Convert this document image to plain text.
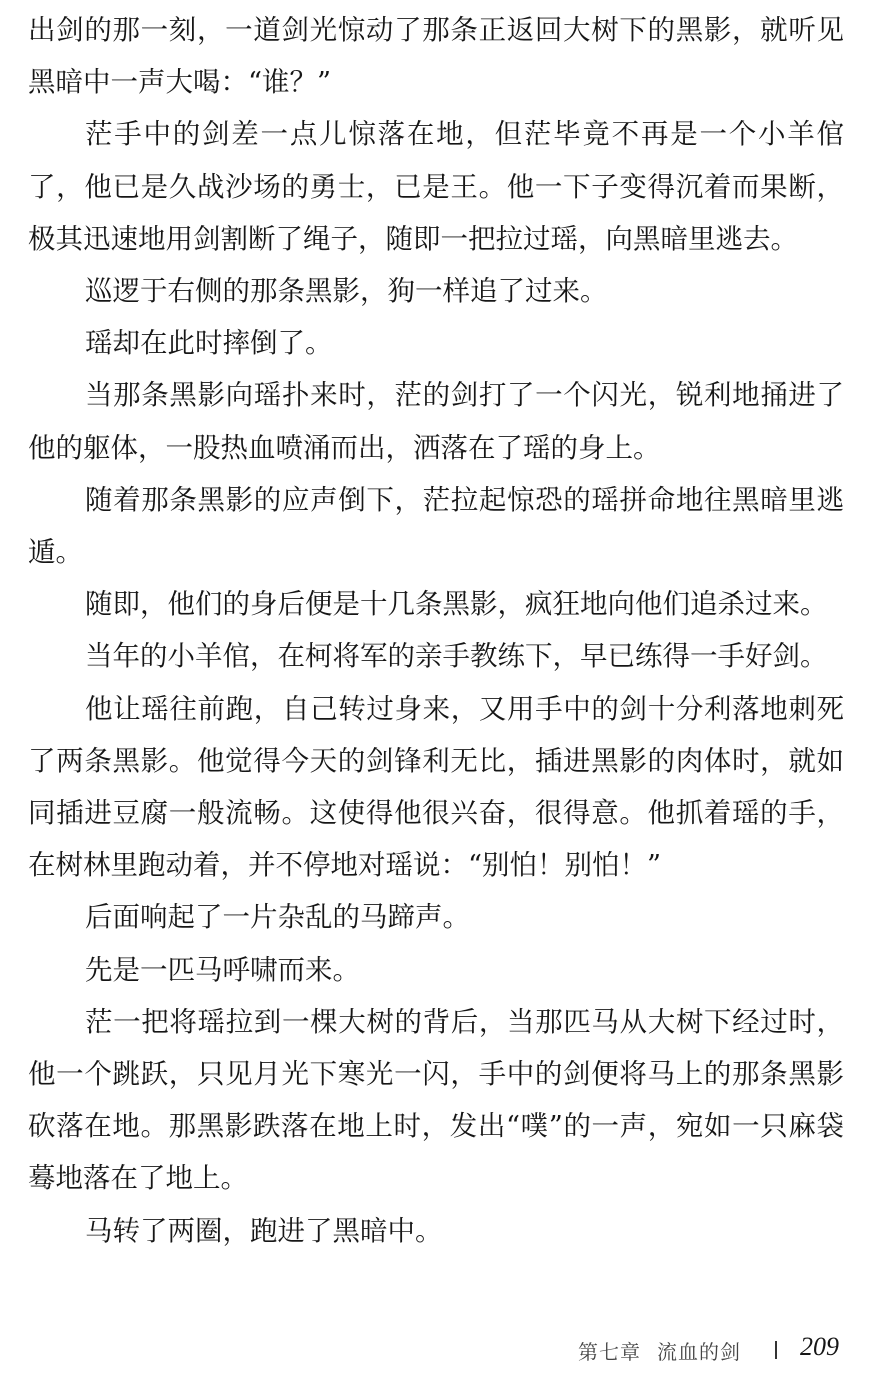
出剑的那一刻，一道剑光惊动了那条正返回大树下的黑影，就听见黑暗中一声大喝：“谁？”

茫手中的剑差一点儿惊落在地，但茫毕竟不再是一个小羊倌了，他已是久战沙场的勇士，已是王。他一下子变得沉着而果断，极其迅速地用剑割断了绳子，随即一把拉过瑶，向黑暗里逃去。

巡逻于右侧的那条黑影，狗一样追了过来。

瑶却在此时摔倒了。

当那条黑影向瑶扑来时，茫的剑打了一个闪光，锐利地捅进了他的躯体，一股热血喷涌而出，洒落在了瑶的身上。

随着那条黑影的应声倒下，茫拉起惊恐的瑶拼命地往黑暗里逃遁。

随即，他们的身后便是十几条黑影，疯狂地向他们追杀过来。

当年的小羊倌，在柯将军的亲手教练下，早已练得一手好剑。

他让瑶往前跑，自己转过身来，又用手中的剑十分利落地刺死了两条黑影。他觉得今天的剑锋利无比，插进黑影的肉体时，就如同插进豆腐一般流畅。这使得他很兴奋，很得意。他抓着瑶的手，在树林里跑动着，并不停地对瑶说：“别怕！别怕！”

后面响起了一片杂乱的马蹄声。

先是一匹马呼啸而来。

茫一把将瑶拉到一棵大树的背后，当那匹马从大树下经过时，他一个跳跃，只见月光下寒光一闪，手中的剑便将马上的那条黑影砍落在地。那黑影跌落在地上时，发出“噗”的一声，宛如一只麻袋蓦地落在了地上。

马转了两圈，跑进了黑暗中。

第七章 流血的剑 209
